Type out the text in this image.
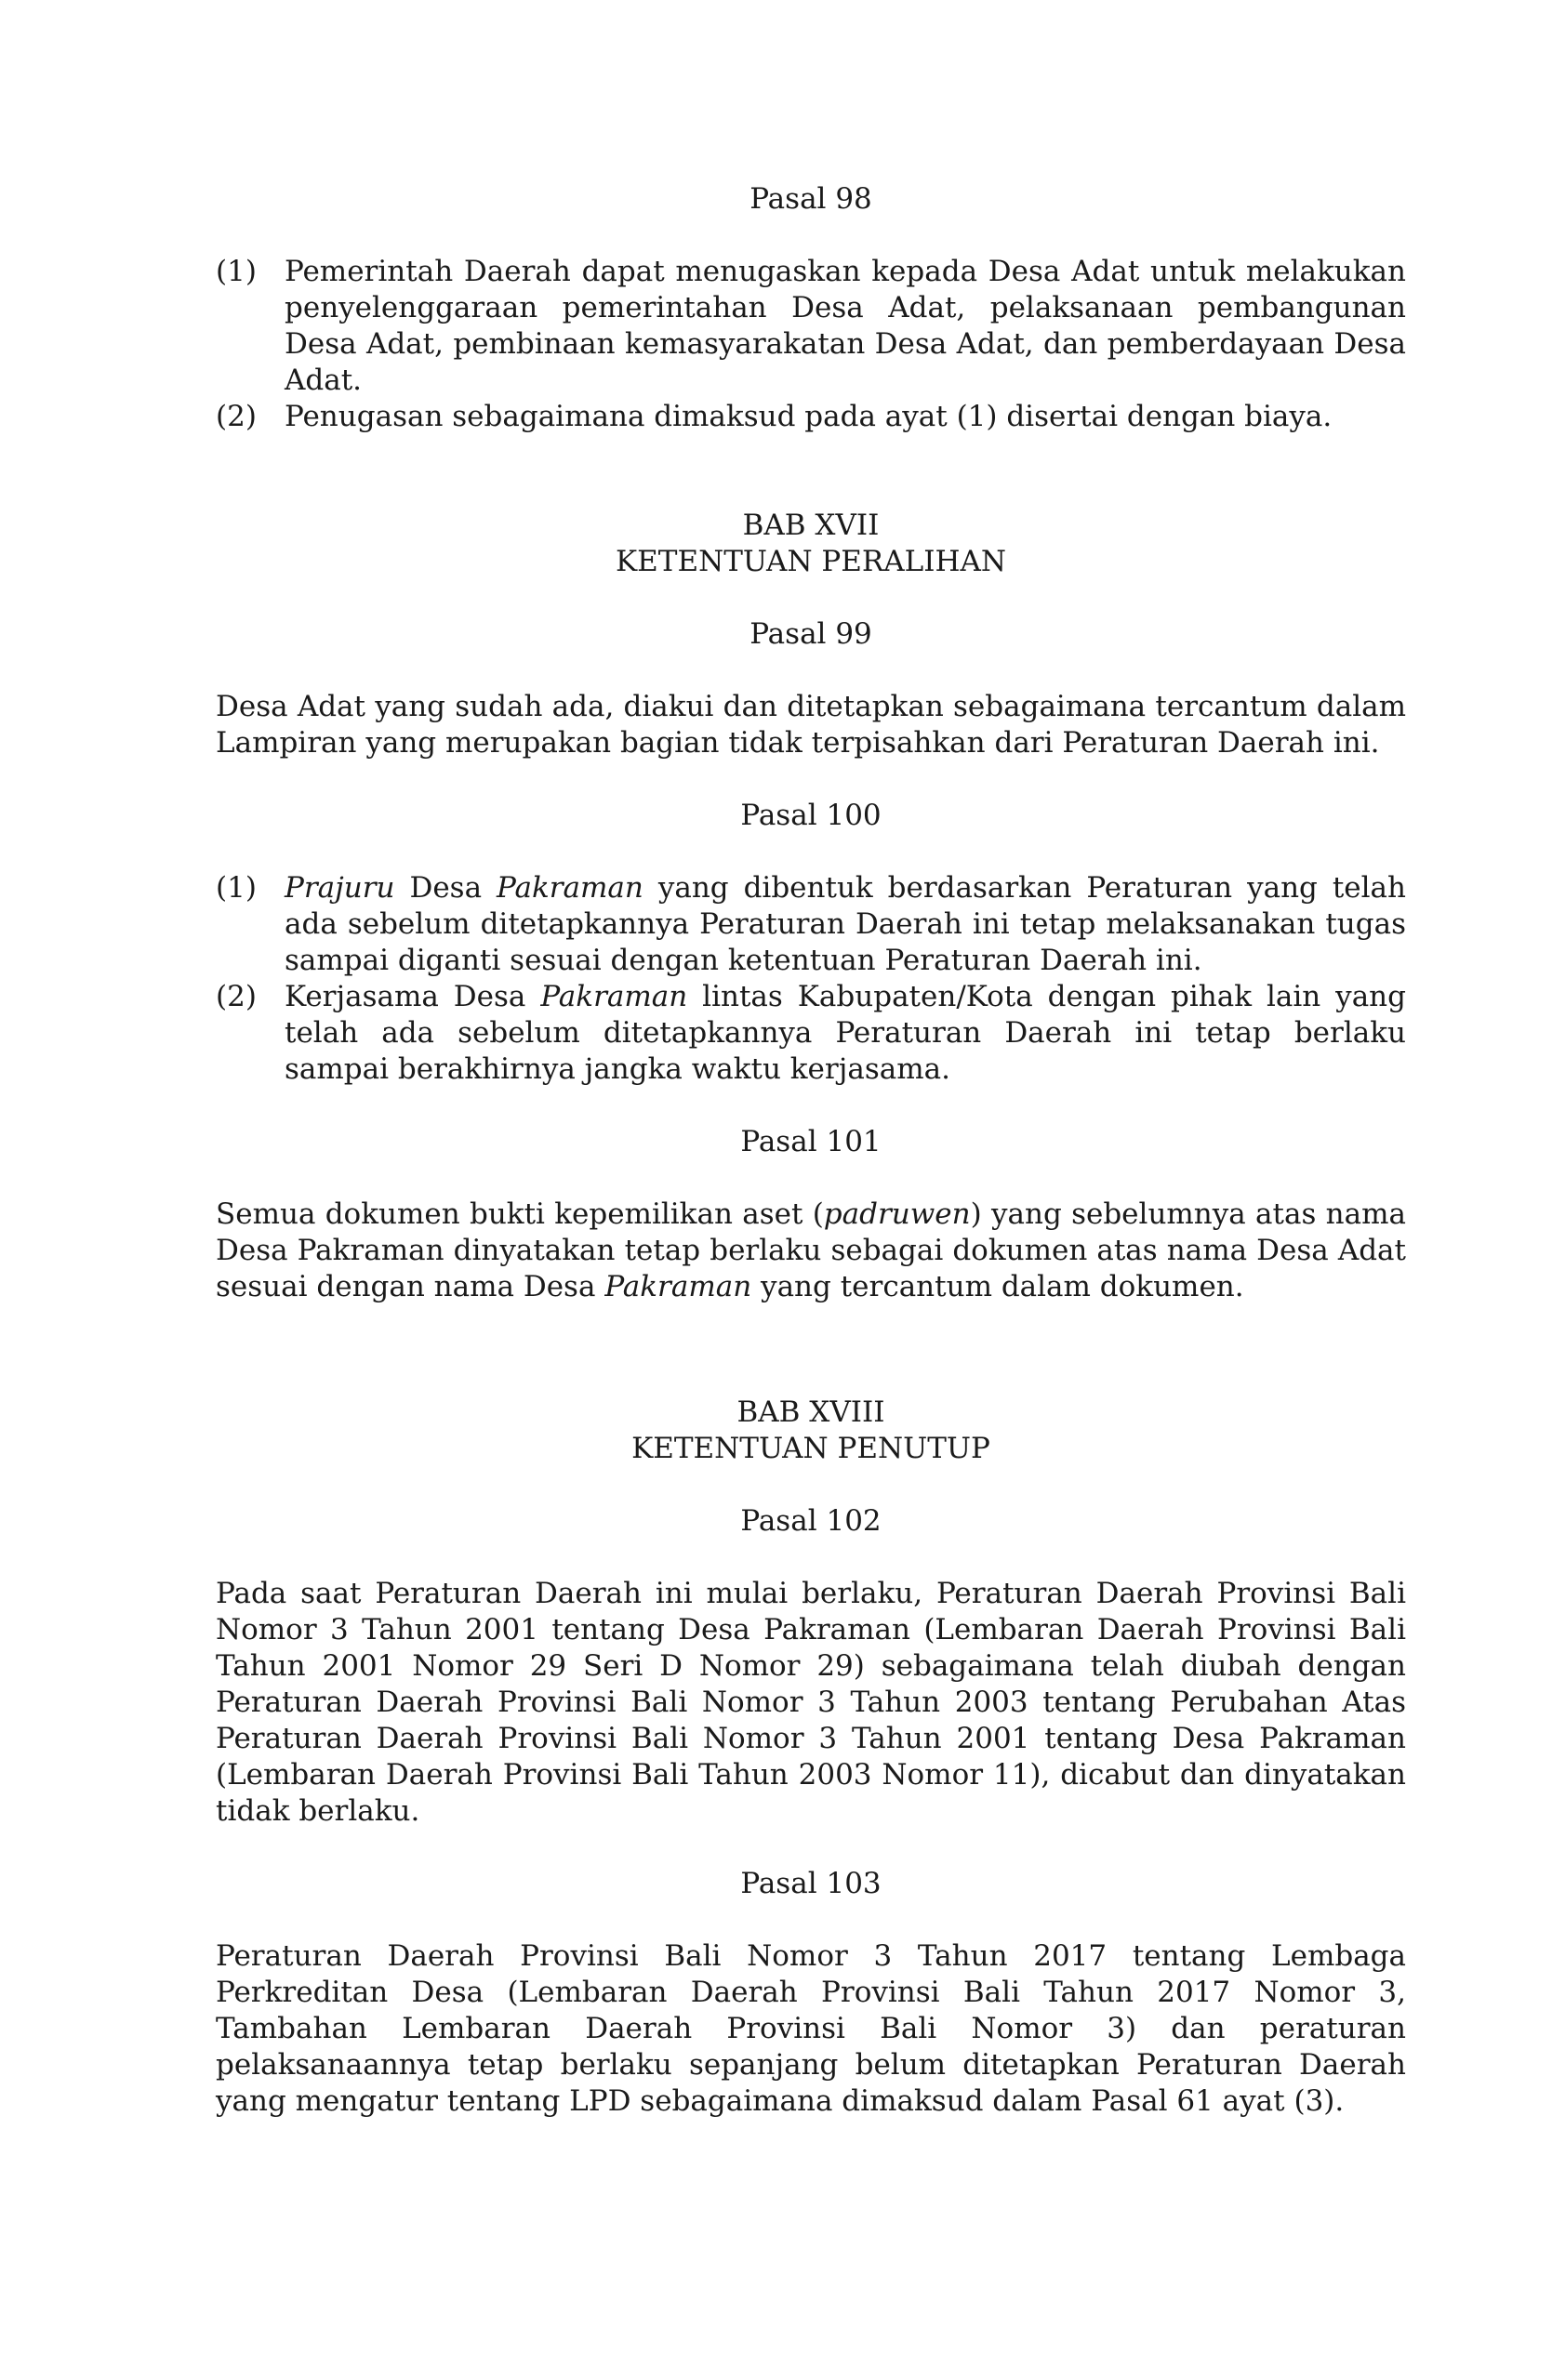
Pasal 98

(1) Pemerintah Daerah dapat menugaskan kepada Desa Adat untuk melakukan penyelenggaraan pemerintahan Desa Adat, pelaksanaan pembangunan Desa Adat, pembinaan kemasyarakatan Desa Adat, dan pemberdayaan Desa Adat.
(2) Penugasan sebagaimana dimaksud pada ayat (1) disertai dengan biaya.

BAB XVII

KETENTUAN PERALIHAN

Pasal 99

Desa Adat yang sudah ada, diakui dan ditetapkan sebagaimana tercantum dalam Lampiran yang merupakan bagian tidak terpisahkan dari Peraturan Daerah ini.

Pasal 100

(1) Prajuru Desa Pakraman yang dibentuk berdasarkan Peraturan yang telah ada sebelum ditetapkannya Peraturan Daerah ini tetap melaksanakan tugas sampai diganti sesuai dengan ketentuan Peraturan Daerah ini.
(2) Kerjasama Desa Pakraman lintas Kabupaten/Kota dengan pihak lain yang telah ada sebelum ditetapkannya Peraturan Daerah ini tetap berlaku sampai berakhirnya jangka waktu kerjasama.

Pasal 101

Semua dokumen bukti kepemilikan aset (padruwen) yang sebelumnya atas nama Desa Pakraman dinyatakan tetap berlaku sebagai dokumen atas nama Desa Adat sesuai dengan nama Desa Pakraman yang tercantum dalam dokumen.

BAB XVIII

KETENTUAN PENUTUP

Pasal 102

Pada saat Peraturan Daerah ini mulai berlaku, Peraturan Daerah Provinsi Bali Nomor 3 Tahun 2001 tentang Desa Pakraman (Lembaran Daerah Provinsi Bali Tahun 2001 Nomor 29 Seri D Nomor 29) sebagaimana telah diubah dengan Peraturan Daerah Provinsi Bali Nomor 3 Tahun 2003 tentang Perubahan Atas Peraturan Daerah Provinsi Bali Nomor 3 Tahun 2001 tentang Desa Pakraman (Lembaran Daerah Provinsi Bali Tahun 2003 Nomor 11), dicabut dan dinyatakan tidak berlaku.

Pasal 103

Peraturan Daerah Provinsi Bali Nomor 3 Tahun 2017 tentang Lembaga Perkreditan Desa (Lembaran Daerah Provinsi Bali Tahun 2017 Nomor 3, Tambahan Lembaran Daerah Provinsi Bali Nomor 3) dan peraturan pelaksanaannya tetap berlaku sepanjang belum ditetapkan Peraturan Daerah yang mengatur tentang LPD sebagaimana dimaksud dalam Pasal 61 ayat (3).
